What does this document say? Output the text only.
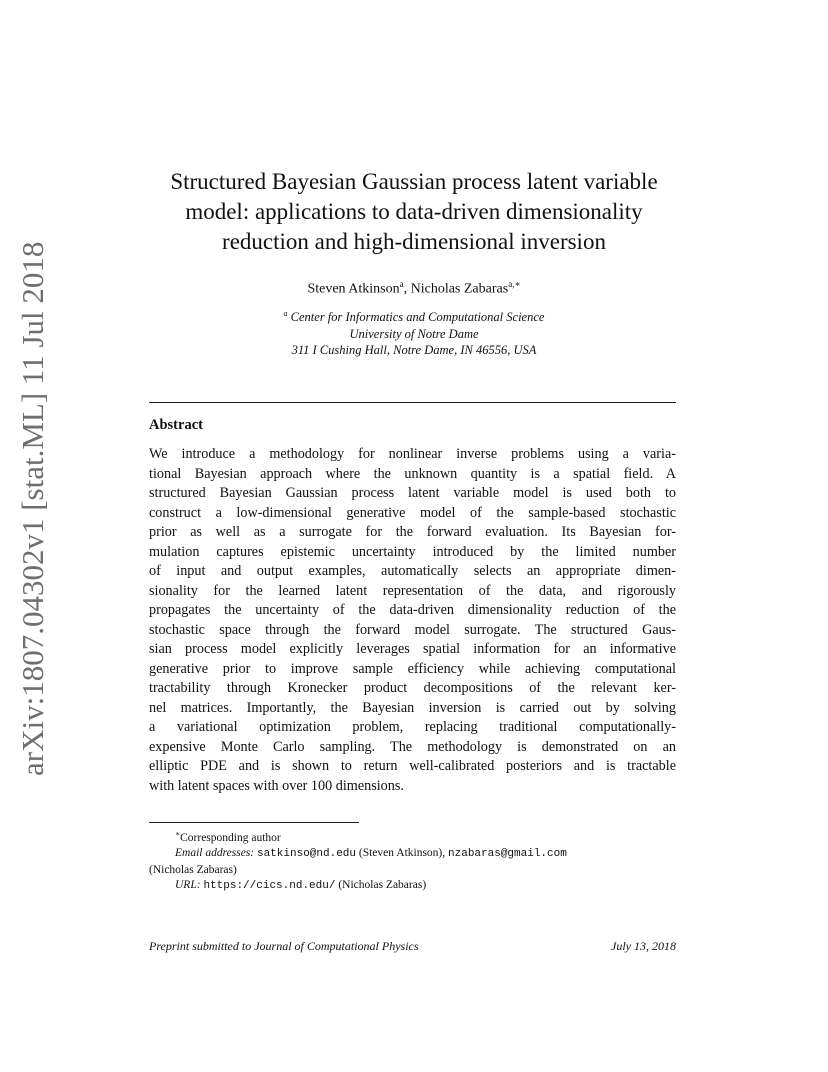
arXiv:1807.04302v1 [stat.ML] 11 Jul 2018
Structured Bayesian Gaussian process latent variable
model: applications to data-driven dimensionality
reduction and high-dimensional inversion
Steven Atkinson$^a$, Nicholas Zabaras$^{a,∗}$
$^a$ Center for Informatics and Computational Science
University of Notre Dame
311 I Cushing Hall, Notre Dame, IN 46556, USA
Abstract
We introduce a methodology for nonlinear inverse problems using a varia-
tional Bayesian approach where the unknown quantity is a spatial field. A
structured Bayesian Gaussian process latent variable model is used both to
construct a low-dimensional generative model of the sample-based stochastic
prior as well as a surrogate for the forward evaluation. Its Bayesian for-
mulation captures epistemic uncertainty introduced by the limited number
of input and output examples, automatically selects an appropriate dimen-
sionality for the learned latent representation of the data, and rigorously
propagates the uncertainty of the data-driven dimensionality reduction of the
stochastic space through the forward model surrogate. The structured Gaus-
sian process model explicitly leverages spatial information for an informative
generative prior to improve sample efficiency while achieving computational
tractability through Kronecker product decompositions of the relevant ker-
nel matrices. Importantly, the Bayesian inversion is carried out by solving
a variational optimization problem, replacing traditional computationally-
expensive Monte Carlo sampling. The methodology is demonstrated on an
elliptic PDE and is shown to return well-calibrated posteriors and is tractable
with latent spaces with over 100 dimensions.
∗Corresponding author
Email addresses: satkinso@nd.edu (Steven Atkinson), nzabaras@gmail.com
(Nicholas Zabaras)
URL: https://cics.nd.edu/ (Nicholas Zabaras)
Preprint submitted to Journal of Computational Physics	July 13, 2018
